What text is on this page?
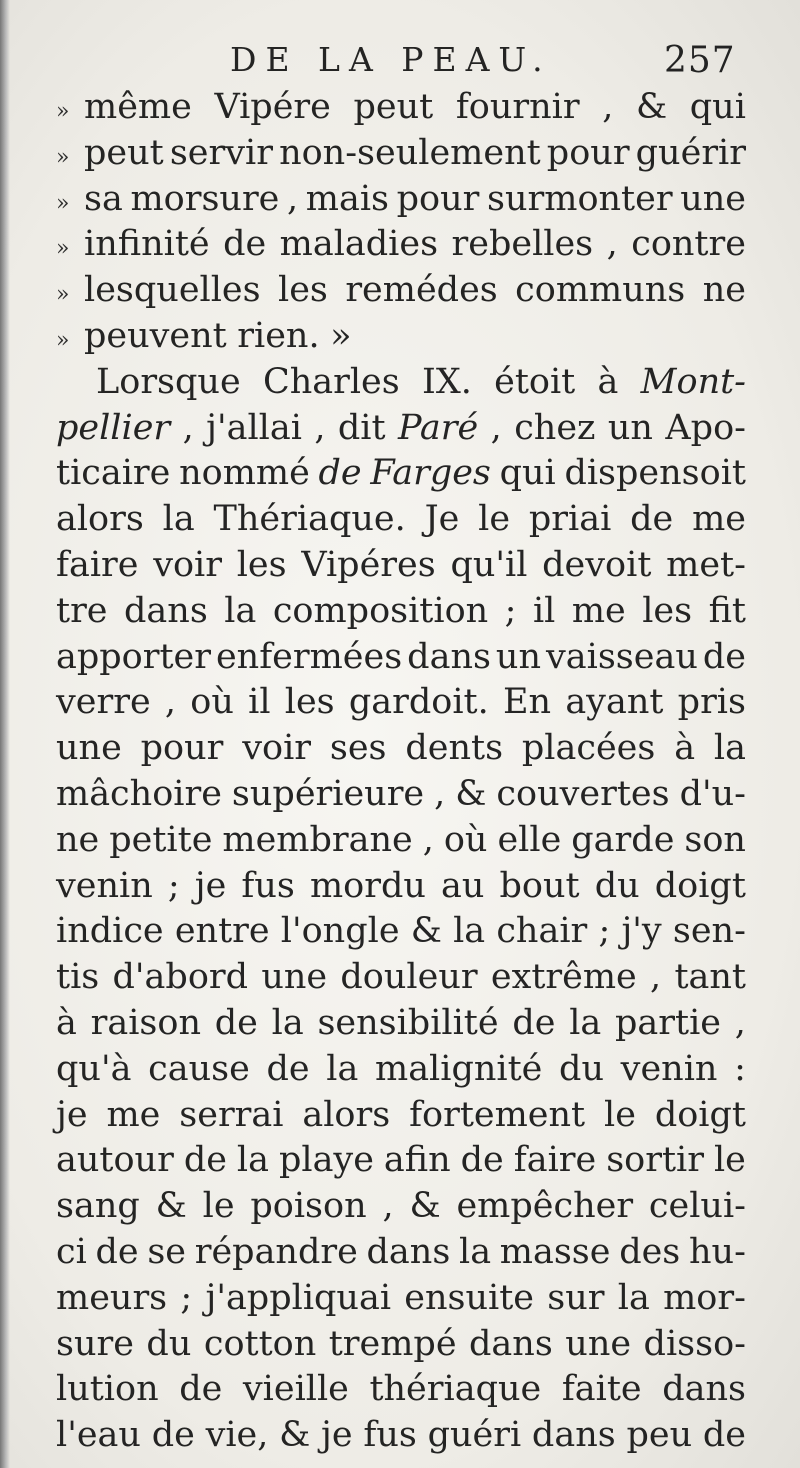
DE LA PEAU.	257
» même Vipére peut fournir , & qui
» peut servir non-seulement pour guérir
» sa morsure , mais pour surmonter une
» infinité de maladies rebelles , contre
» lesquelles les remédes communs ne
» peuvent rien. »
Lorsque Charles IX. étoit à Mont-
pellier , j'allai , dit Paré , chez un Apo-
ticaire nommé de Farges qui dispensoit
alors la Thériaque. Je le priai de me
faire voir les Vipéres qu'il devoit met-
tre dans la composition ; il me les fit
apporter enfermées dans un vaisseau de
verre , où il les gardoit. En ayant pris
une pour voir ses dents placées à la
mâchoire supérieure , & couvertes d'u-
ne petite membrane , où elle garde son
venin ; je fus mordu au bout du doigt
indice entre l'ongle & la chair ; j'y sen-
tis d'abord une douleur extrême , tant
à raison de la sensibilité de la partie ,
qu'à cause de la malignité du venin :
je me serrai alors fortement le doigt
autour de la playe afin de faire sortir le
sang & le poison , & empêcher celui-
ci de se répandre dans la masse des hu-
meurs ; j'appliquai ensuite sur la mor-
sure du cotton trempé dans une disso-
lution de vieille thériaque faite dans
l'eau de vie, & je fus guéri dans peu de
